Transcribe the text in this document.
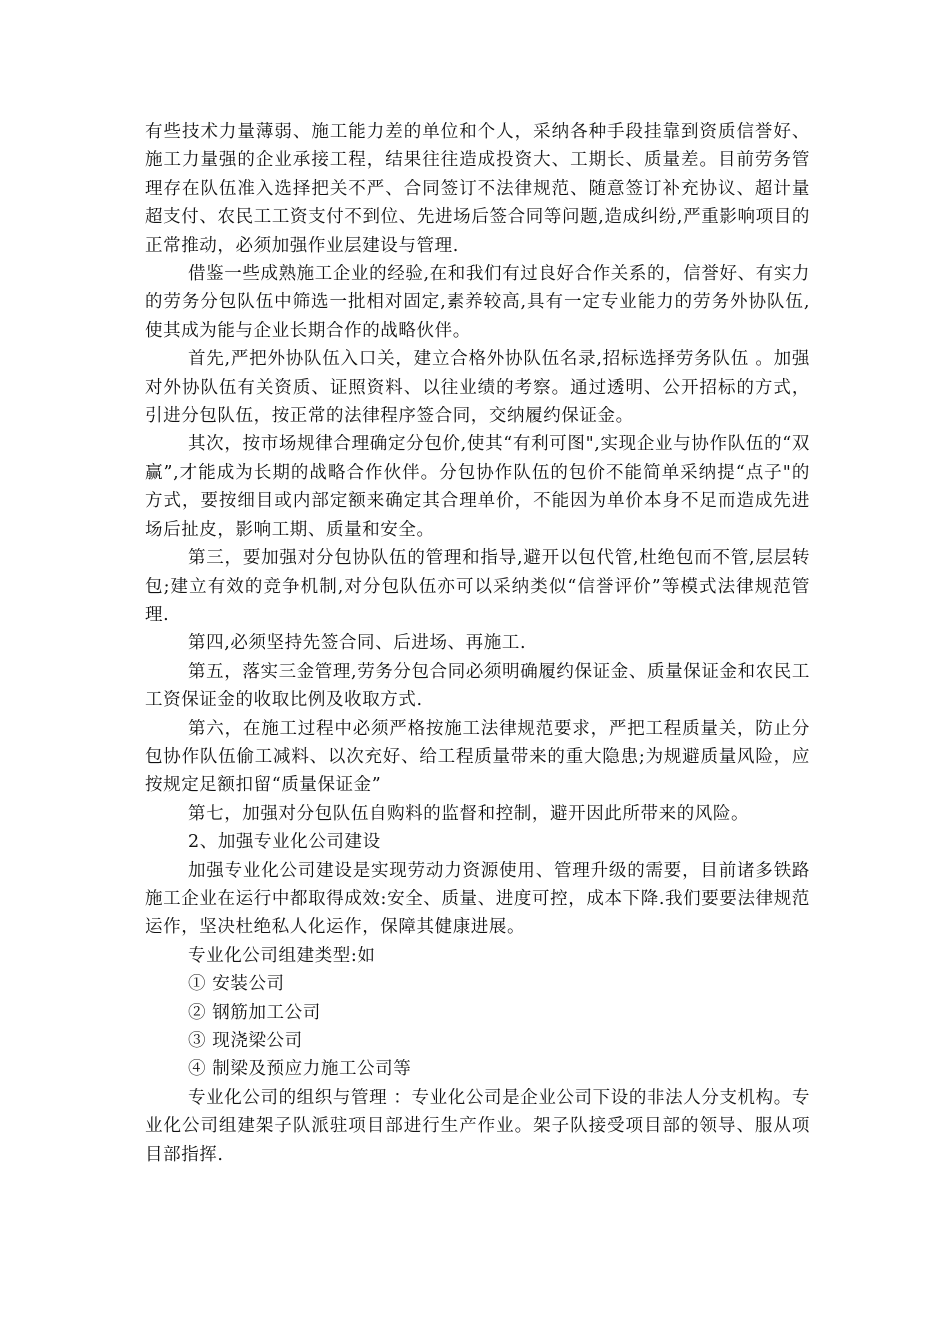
有些技术力量薄弱、施工能力差的单位和个人，采纳各种手段挂靠到资质信誉好、施工力量强的企业承接工程，结果往往造成投资大、工期长、质量差。目前劳务管理存在队伍准入选择把关不严、合同签订不法律规范、随意签订补充协议、超计量超支付、农民工工资支付不到位、先进场后签合同等问题,造成纠纷,严重影响项目的正常推动，必须加强作业层建设与管理.

借鉴一些成熟施工企业的经验,在和我们有过良好合作关系的，信誉好、有实力的劳务分包队伍中筛选一批相对固定,素养较高,具有一定专业能力的劳务外协队伍,使其成为能与企业长期合作的战略伙伴。

首先,严把外协队伍入口关，建立合格外协队伍名录,招标选择劳务队伍 。加强对外协队伍有关资质、证照资料、以往业绩的考察。通过透明、公开招标的方式，引进分包队伍，按正常的法律程序签合同，交纳履约保证金。

其次，按市场规律合理确定分包价,使其“有利可图",实现企业与协作队伍的“双赢”,才能成为长期的战略合作伙伴。分包协作队伍的包价不能简单采纳提“点子"的方式，要按细目或内部定额来确定其合理单价，不能因为单价本身不足而造成先进场后扯皮，影响工期、质量和安全。

第三，要加强对分包协队伍的管理和指导,避开以包代管,杜绝包而不管,层层转包;建立有效的竞争机制,对分包队伍亦可以采纳类似“信誉评价”等模式法律规范管理.

第四,必须坚持先签合同、后进场、再施工.

第五，落实三金管理,劳务分包合同必须明确履约保证金、质量保证金和农民工工资保证金的收取比例及收取方式.

第六，在施工过程中必须严格按施工法律规范要求，严把工程质量关，防止分包协作队伍偷工减料、以次充好、给工程质量带来的重大隐患;为规避质量风险，应按规定足额扣留“质量保证金”

第七，加强对分包队伍自购料的监督和控制，避开因此所带来的风险。

2、加强专业化公司建设

加强专业化公司建设是实现劳动力资源使用、管理升级的需要，目前诸多铁路施工企业在运行中都取得成效:安全、质量、进度可控，成本下降.我们要要法律规范运作，坚决杜绝私人化运作，保障其健康进展。

专业化公司组建类型:如

① 安装公司

② 钢筋加工公司

③ 现浇梁公司

④ 制梁及预应力施工公司等

专业化公司的组织与管理 ：专业化公司是企业公司下设的非法人分支机构。专业化公司组建架子队派驻项目部进行生产作业。架子队接受项目部的领导、服从项目部指挥.
